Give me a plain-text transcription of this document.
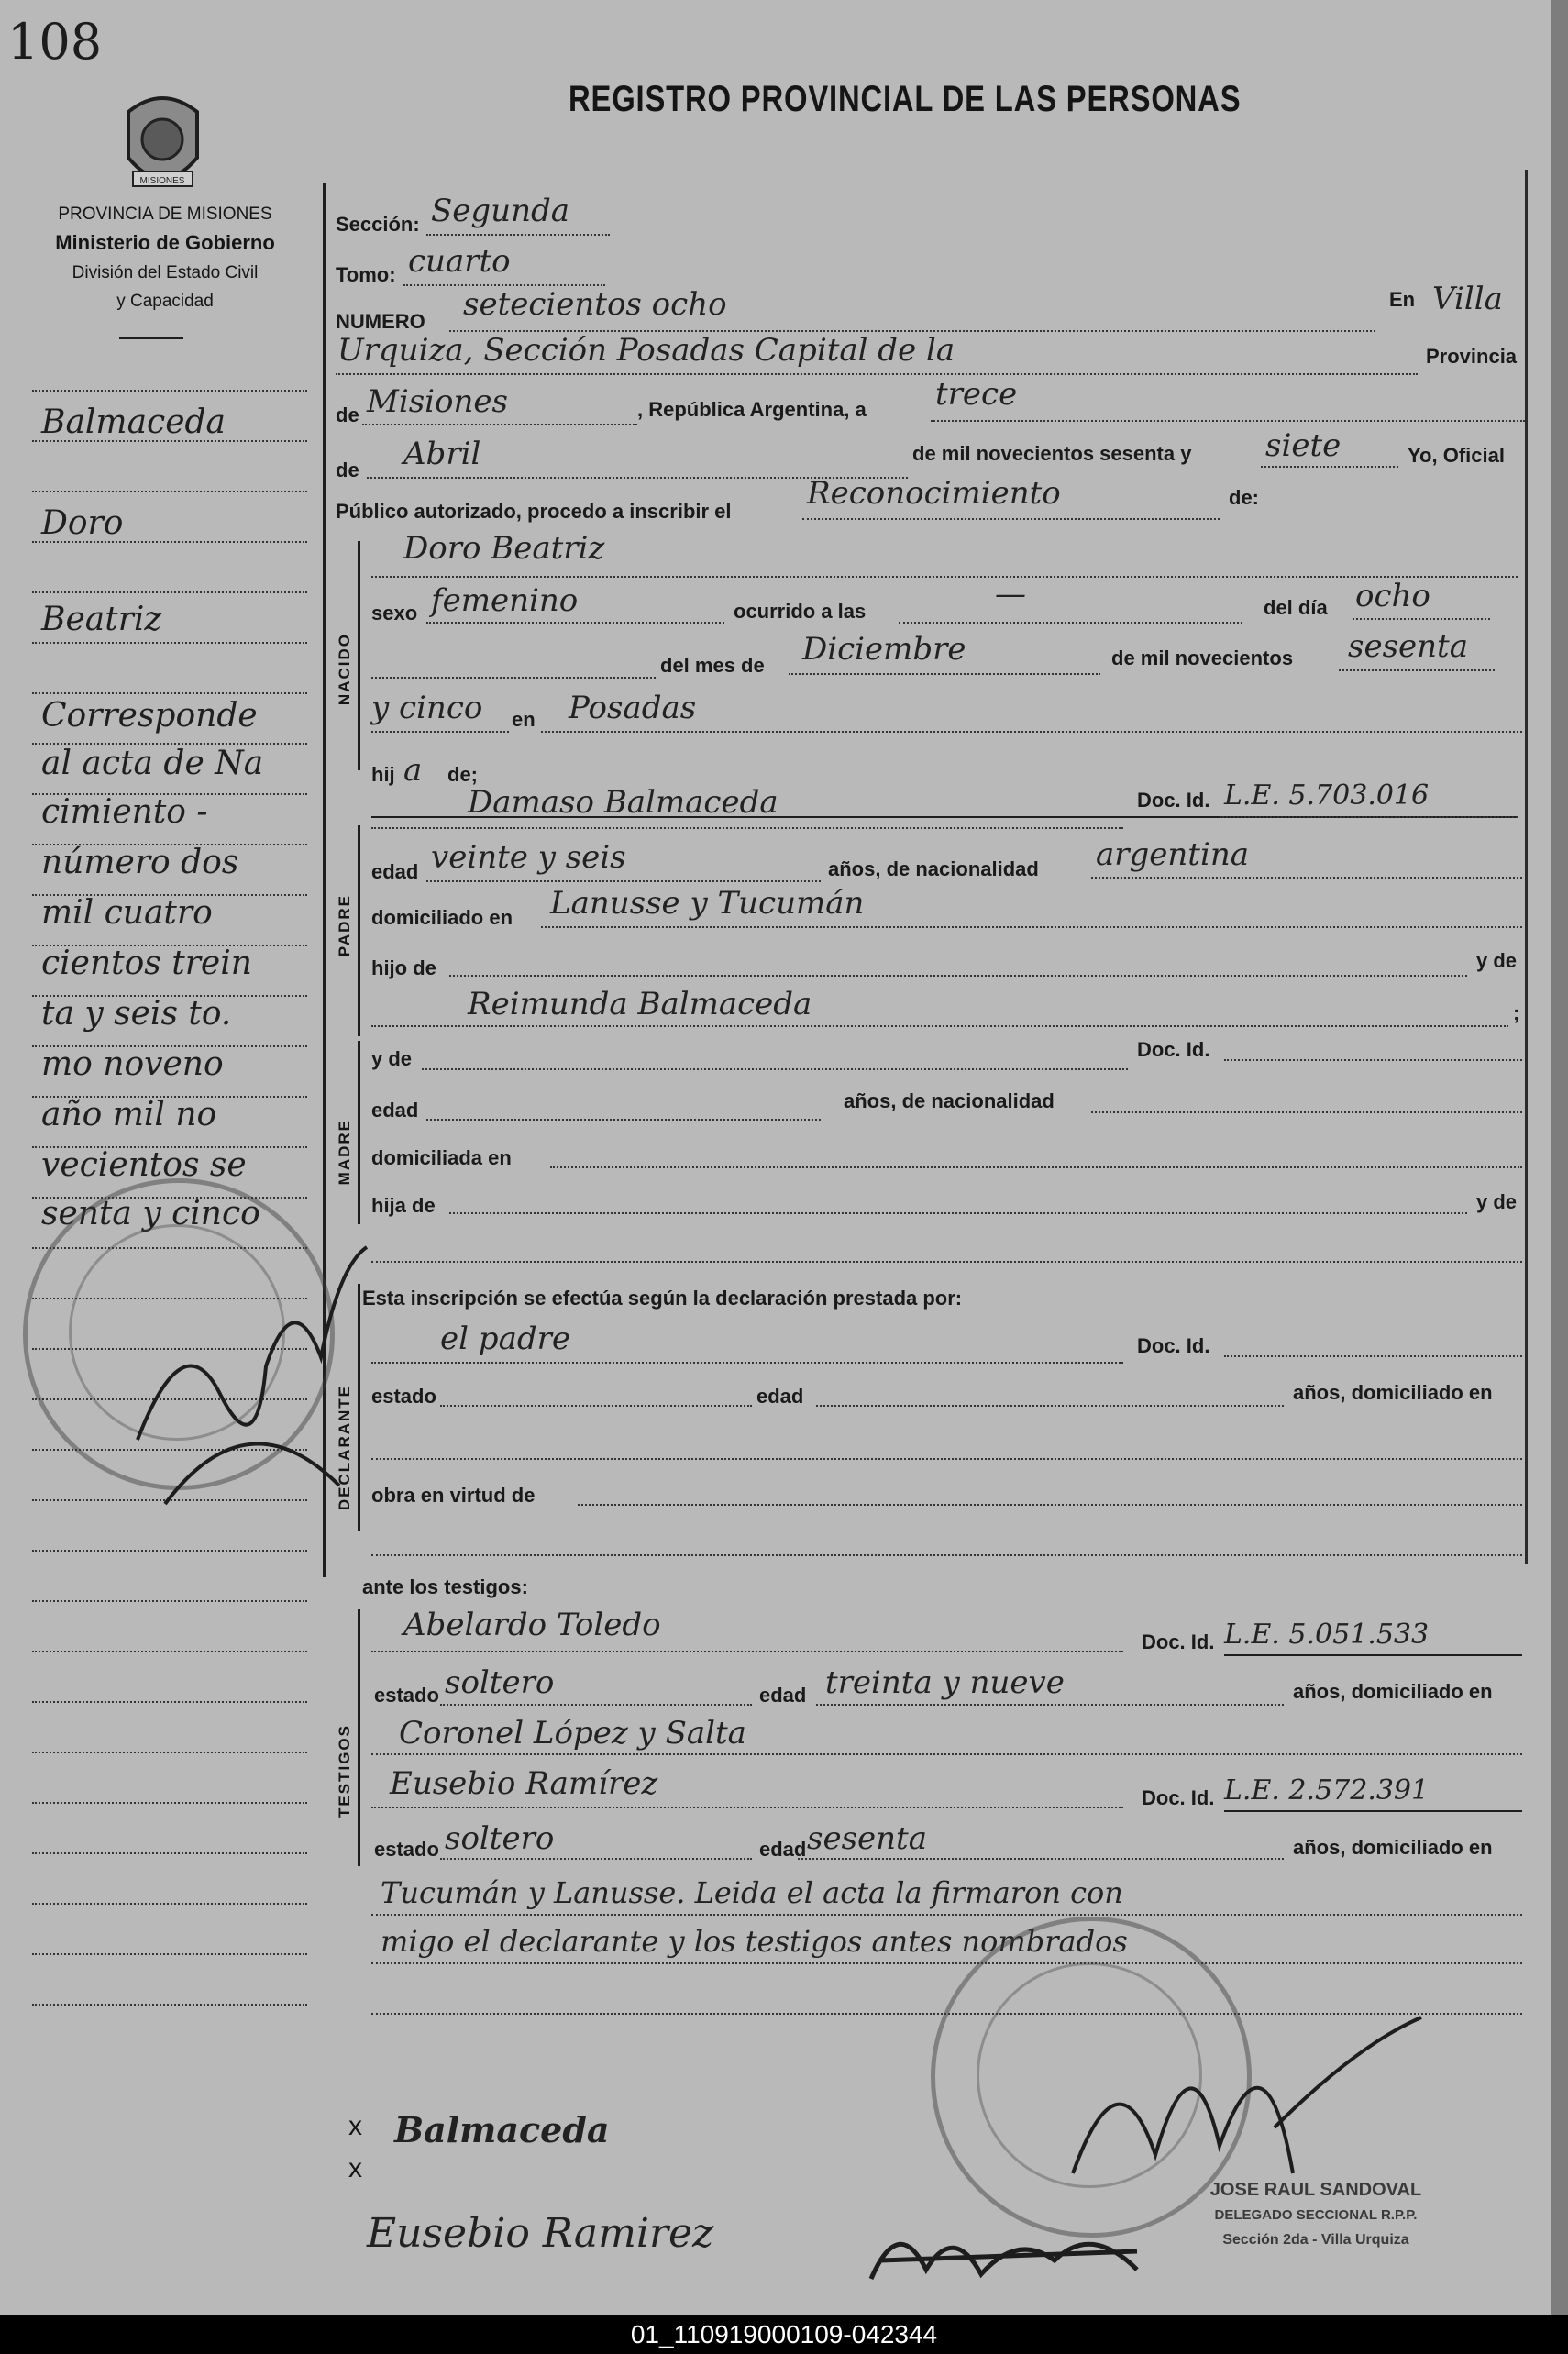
108
MISIONES
REGISTRO PROVINCIAL DE LAS PERSONAS
PROVINCIA DE MISIONES
Ministerio de Gobierno
División del Estado Civil
y Capacidad
Balmaceda
Doro
Beatriz
Corresponde
al acta de Na
cimiento -
número dos
mil cuatro
cientos trein
ta y seis to.
mo noveno
año mil no
vecientos se
senta y cinco
Sección: Segunda
Tomo: cuarto
NUMERO setecientos ocho	En Villa
Urquiza, Sección Posadas Capital de la	Provincia
de Misiones	, República Argentina, a trece
de Abril	de mil novecientos sesenta y siete	Yo, Oficial
Público autorizado, procedo a inscribir el Reconocimiento	de:
NACIDO
PADRE
MADRE
DECLARANTE
TESTIGOS
Doro Beatriz
sexo femenino	ocurrido a las	—	del día ocho
del mes de Diciembre	de mil novecientos sesenta
y cinco en Posadas
hij a de;
Damaso Balmaceda	Doc. Id. L.E. 5.703.016
edad veinte y seis	años, de nacionalidad argentina
domiciliado en Lanusse y Tucumán
hijo de	y de
Reimunda Balmaceda	;
y de	Doc. Id.
edad	años, de nacionalidad
domiciliada en
hija de	y de
Esta inscripción se efectúa según la declaración prestada por:
el padre	Doc. Id.
estado	edad	años, domiciliado en
obra en virtud de
ante los testigos:
Abelardo Toledo	Doc. Id. L.E. 5.051.533
estado soltero	edad treinta y nueve	años, domiciliado en
Coronel López y Salta
Eusebio Ramírez	Doc. Id. L.E. 2.572.391
estado soltero	edad sesenta	años, domiciliado en
Tucumán y Lanusse. Leida el acta la firmaron con
migo el declarante y los testigos antes nombrados
JOSE RAUL SANDOVAL
DELEGADO SECCIONAL R.P.P.
Sección 2da - Villa Urquiza
x
x
Balmaceda
Eusebio Ramirez
01_110919000109-042344
